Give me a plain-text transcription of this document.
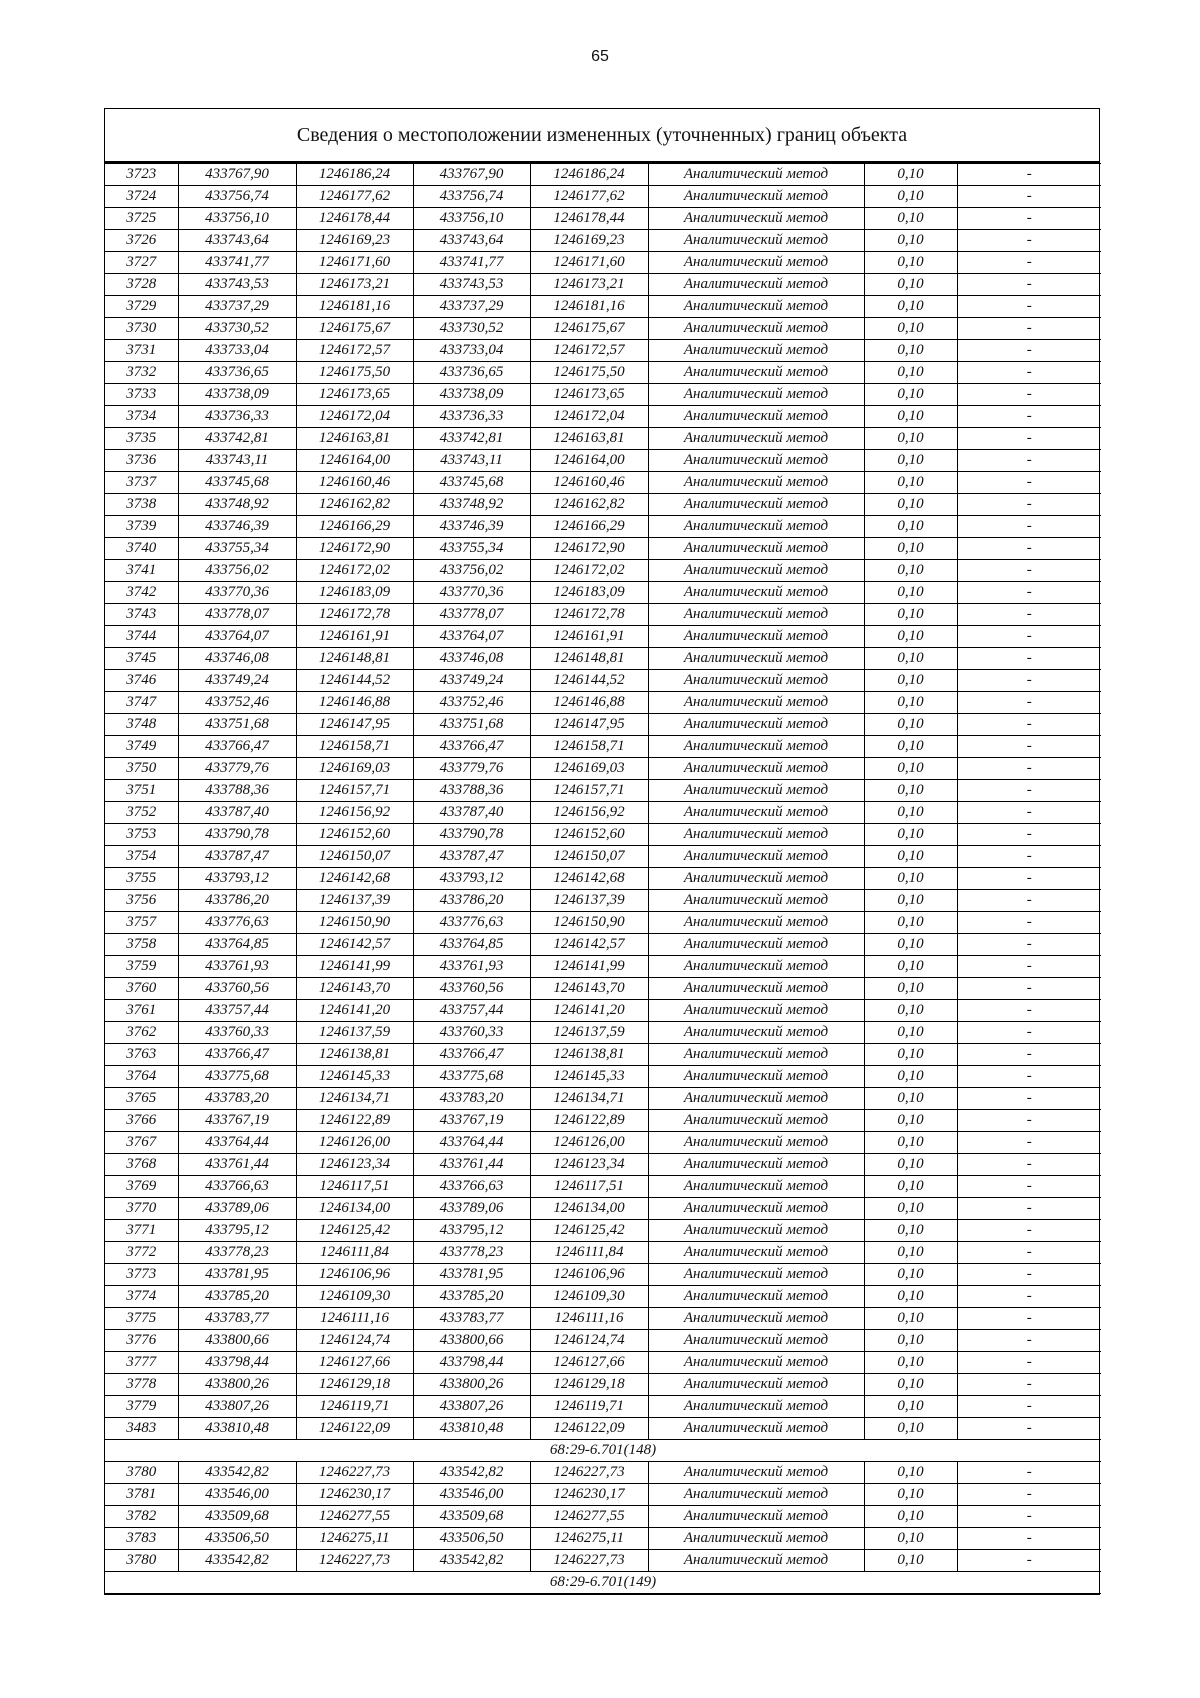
65
Сведения о местоположении измененных (уточненных) границ объекта
3723	433767,90	1246186,24	433767,90	1246186,24	Аналитический метод	0,10	-
3724	433756,74	1246177,62	433756,74	1246177,62	Аналитический метод	0,10	-
3725	433756,10	1246178,44	433756,10	1246178,44	Аналитический метод	0,10	-
3726	433743,64	1246169,23	433743,64	1246169,23	Аналитический метод	0,10	-
3727	433741,77	1246171,60	433741,77	1246171,60	Аналитический метод	0,10	-
3728	433743,53	1246173,21	433743,53	1246173,21	Аналитический метод	0,10	-
3729	433737,29	1246181,16	433737,29	1246181,16	Аналитический метод	0,10	-
3730	433730,52	1246175,67	433730,52	1246175,67	Аналитический метод	0,10	-
3731	433733,04	1246172,57	433733,04	1246172,57	Аналитический метод	0,10	-
3732	433736,65	1246175,50	433736,65	1246175,50	Аналитический метод	0,10	-
3733	433738,09	1246173,65	433738,09	1246173,65	Аналитический метод	0,10	-
3734	433736,33	1246172,04	433736,33	1246172,04	Аналитический метод	0,10	-
3735	433742,81	1246163,81	433742,81	1246163,81	Аналитический метод	0,10	-
3736	433743,11	1246164,00	433743,11	1246164,00	Аналитический метод	0,10	-
3737	433745,68	1246160,46	433745,68	1246160,46	Аналитический метод	0,10	-
3738	433748,92	1246162,82	433748,92	1246162,82	Аналитический метод	0,10	-
3739	433746,39	1246166,29	433746,39	1246166,29	Аналитический метод	0,10	-
3740	433755,34	1246172,90	433755,34	1246172,90	Аналитический метод	0,10	-
3741	433756,02	1246172,02	433756,02	1246172,02	Аналитический метод	0,10	-
3742	433770,36	1246183,09	433770,36	1246183,09	Аналитический метод	0,10	-
3743	433778,07	1246172,78	433778,07	1246172,78	Аналитический метод	0,10	-
3744	433764,07	1246161,91	433764,07	1246161,91	Аналитический метод	0,10	-
3745	433746,08	1246148,81	433746,08	1246148,81	Аналитический метод	0,10	-
3746	433749,24	1246144,52	433749,24	1246144,52	Аналитический метод	0,10	-
3747	433752,46	1246146,88	433752,46	1246146,88	Аналитический метод	0,10	-
3748	433751,68	1246147,95	433751,68	1246147,95	Аналитический метод	0,10	-
3749	433766,47	1246158,71	433766,47	1246158,71	Аналитический метод	0,10	-
3750	433779,76	1246169,03	433779,76	1246169,03	Аналитический метод	0,10	-
3751	433788,36	1246157,71	433788,36	1246157,71	Аналитический метод	0,10	-
3752	433787,40	1246156,92	433787,40	1246156,92	Аналитический метод	0,10	-
3753	433790,78	1246152,60	433790,78	1246152,60	Аналитический метод	0,10	-
3754	433787,47	1246150,07	433787,47	1246150,07	Аналитический метод	0,10	-
3755	433793,12	1246142,68	433793,12	1246142,68	Аналитический метод	0,10	-
3756	433786,20	1246137,39	433786,20	1246137,39	Аналитический метод	0,10	-
3757	433776,63	1246150,90	433776,63	1246150,90	Аналитический метод	0,10	-
3758	433764,85	1246142,57	433764,85	1246142,57	Аналитический метод	0,10	-
3759	433761,93	1246141,99	433761,93	1246141,99	Аналитический метод	0,10	-
3760	433760,56	1246143,70	433760,56	1246143,70	Аналитический метод	0,10	-
3761	433757,44	1246141,20	433757,44	1246141,20	Аналитический метод	0,10	-
3762	433760,33	1246137,59	433760,33	1246137,59	Аналитический метод	0,10	-
3763	433766,47	1246138,81	433766,47	1246138,81	Аналитический метод	0,10	-
3764	433775,68	1246145,33	433775,68	1246145,33	Аналитический метод	0,10	-
3765	433783,20	1246134,71	433783,20	1246134,71	Аналитический метод	0,10	-
3766	433767,19	1246122,89	433767,19	1246122,89	Аналитический метод	0,10	-
3767	433764,44	1246126,00	433764,44	1246126,00	Аналитический метод	0,10	-
3768	433761,44	1246123,34	433761,44	1246123,34	Аналитический метод	0,10	-
3769	433766,63	1246117,51	433766,63	1246117,51	Аналитический метод	0,10	-
3770	433789,06	1246134,00	433789,06	1246134,00	Аналитический метод	0,10	-
3771	433795,12	1246125,42	433795,12	1246125,42	Аналитический метод	0,10	-
3772	433778,23	1246111,84	433778,23	1246111,84	Аналитический метод	0,10	-
3773	433781,95	1246106,96	433781,95	1246106,96	Аналитический метод	0,10	-
3774	433785,20	1246109,30	433785,20	1246109,30	Аналитический метод	0,10	-
3775	433783,77	1246111,16	433783,77	1246111,16	Аналитический метод	0,10	-
3776	433800,66	1246124,74	433800,66	1246124,74	Аналитический метод	0,10	-
3777	433798,44	1246127,66	433798,44	1246127,66	Аналитический метод	0,10	-
3778	433800,26	1246129,18	433800,26	1246129,18	Аналитический метод	0,10	-
3779	433807,26	1246119,71	433807,26	1246119,71	Аналитический метод	0,10	-
3483	433810,48	1246122,09	433810,48	1246122,09	Аналитический метод	0,10	-
68:29-6.701(148)							
3780	433542,82	1246227,73	433542,82	1246227,73	Аналитический метод	0,10	-
3781	433546,00	1246230,17	433546,00	1246230,17	Аналитический метод	0,10	-
3782	433509,68	1246277,55	433509,68	1246277,55	Аналитический метод	0,10	-
3783	433506,50	1246275,11	433506,50	1246275,11	Аналитический метод	0,10	-
3780	433542,82	1246227,73	433542,82	1246227,73	Аналитический метод	0,10	-
68:29-6.701(149)							
